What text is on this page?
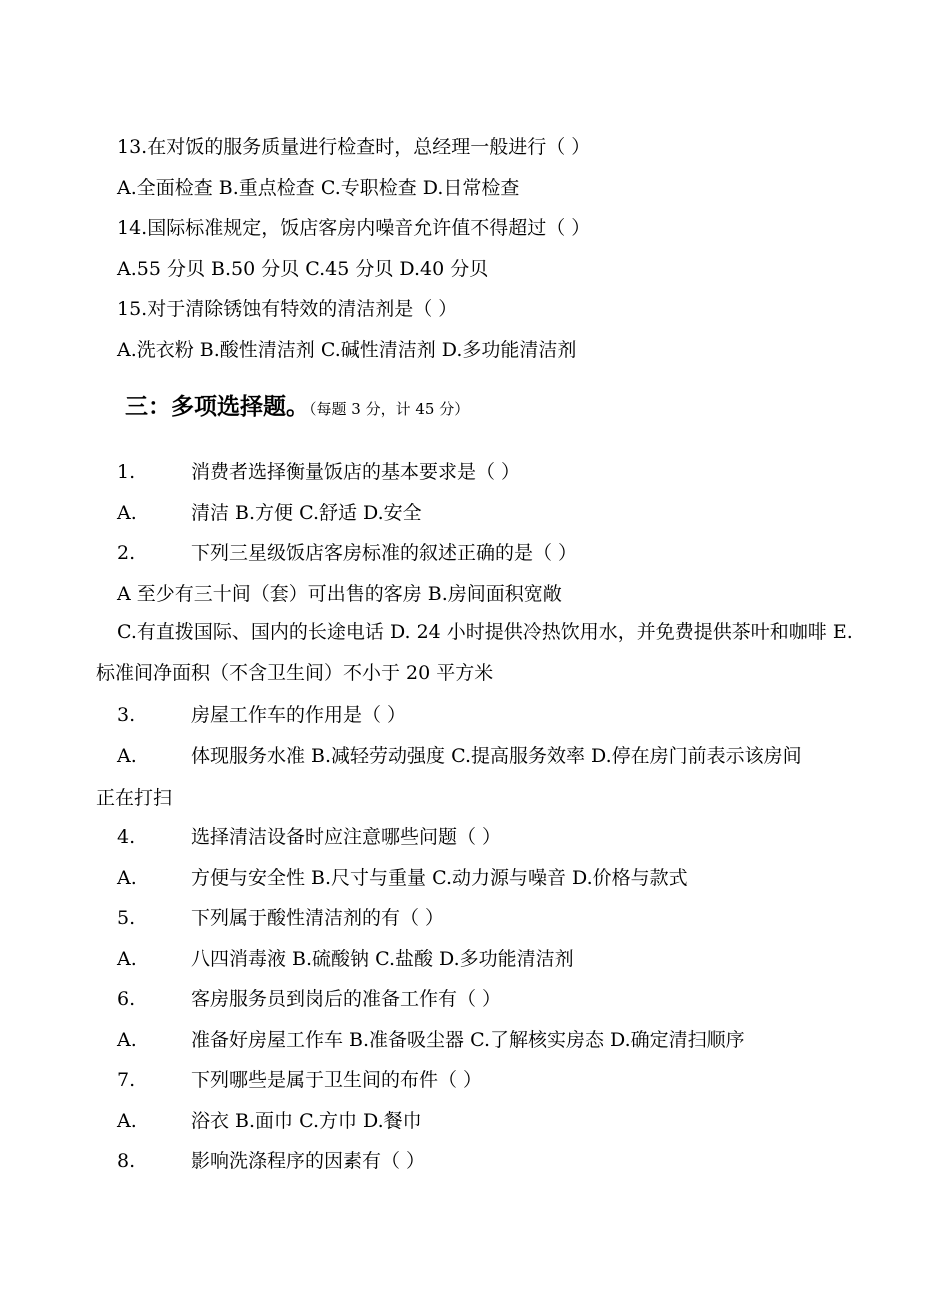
13.在对饭的服务质量进行检查时，总经理一般进行（ ）
A.全面检查 B.重点检查 C.专职检查 D.日常检查
14.国际标准规定，饭店客房内噪音允许值不得超过（ ）
A.55 分贝 B.50 分贝 C.45 分贝 D.40 分贝
15.对于清除锈蚀有特效的清洁剂是（ ）
A.洗衣粉 B.酸性清洁剂 C.碱性清洁剂 D.多功能清洁剂
三：多项选择题。（每题 3 分，计 45 分）
1.	消费者选择衡量饭店的基本要求是（ ）
A.	清洁 B.方便 C.舒适 D.安全
2.	下列三星级饭店客房标准的叙述正确的是（ ）
A 至少有三十间（套）可出售的客房 B.房间面积宽敞
C.有直拨国际、国内的长途电话 D. 24 小时提供冷热饮用水，并免费提供茶叶和咖啡 E.标准间净面积（不含卫生间）不小于 20 平方米
3.	房屋工作车的作用是（ ）
A.	体现服务水准 B.减轻劳动强度 C.提高服务效率 D.停在房门前表示该房间
正在打扫
4.	选择清洁设备时应注意哪些问题（ ）
A.	方便与安全性 B.尺寸与重量 C.动力源与噪音 D.价格与款式
5.	下列属于酸性清洁剂的有（ ）
A.	八四消毒液 B.硫酸钠 C.盐酸 D.多功能清洁剂
6.	客房服务员到岗后的准备工作有（ ）
A.	准备好房屋工作车 B.准备吸尘器 C.了解核实房态 D.确定清扫顺序
7.	下列哪些是属于卫生间的布件（ ）
A.	浴衣 B.面巾 C.方巾 D.餐巾
8.	影响洗涤程序的因素有（ ）
